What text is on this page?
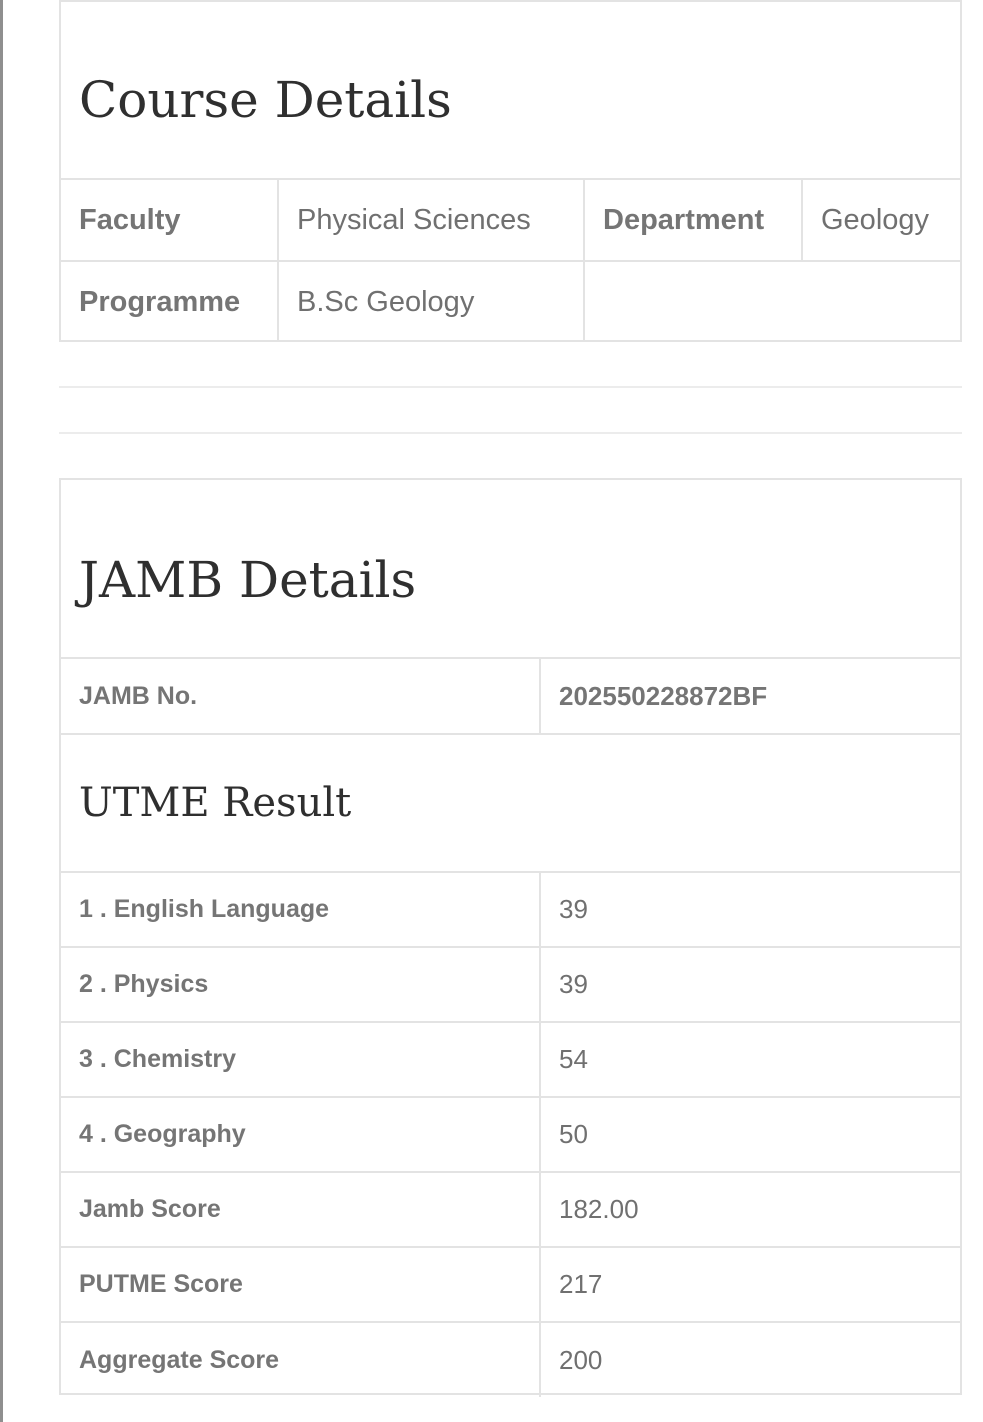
Course Details
Faculty	Physical Sciences	Department	Geology
Programme	B.Sc Geology		
JAMB Details
JAMB No.	202550228872BF
UTME Result	
1 . English Language	39
2 . Physics	39
3 . Chemistry	54
4 . Geography	50
Jamb Score	182.00
PUTME Score	217
Aggregate Score	200
